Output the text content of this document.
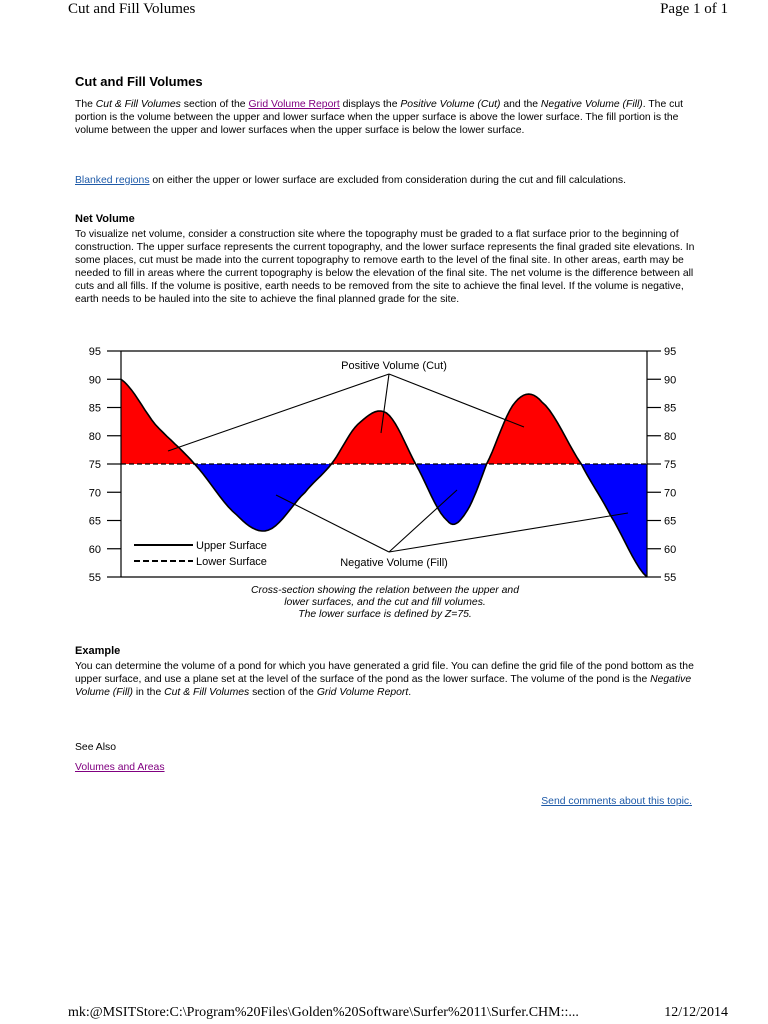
Cut and Fill Volumes	Page 1 of 1
Cut and Fill Volumes

The Cut & Fill Volumes section of the Grid Volume Report displays the Positive Volume (Cut) and the Negative Volume (Fill). The cut portion is the volume between the upper and lower surface when the upper surface is above the lower surface. The fill portion is the volume between the upper and lower surfaces when the upper surface is below the lower surface.

Blanked regions on either the upper or lower surface are excluded from consideration during the cut and fill calculations.

Net Volume

To visualize net volume, consider a construction site where the topography must be graded to a flat surface prior to the beginning of construction. The upper surface represents the current topography, and the lower surface represents the final graded site elevations. In some places, cut must be made into the current topography to remove earth to the level of the final site. In other areas, earth may be needed to fill in areas where the current topography is below the elevation of the final site. The net volume is the difference between all cuts and all fills. If the volume is positive, earth needs to be removed from the site to achieve the final level. If the volume is negative, earth needs to be hauled into the site to achieve the final planned grade for the site.

95	95
90	90
85	85
80	80
75	75
70	70
65	65
60	60
55	55
Positive Volume (Cut)
Negative Volume (Fill)
Upper Surface
Lower Surface
Cross-section showing the relation between the upper and
lower surfaces, and the cut and fill volumes.
The lower surface is defined by Z=75.
Example

You can determine the volume of a pond for which you have generated a grid file. You can define the grid file of the pond bottom as the upper surface, and use a plane set at the level of the surface of the pond as the lower surface. The volume of the pond is the Negative Volume (Fill) in the Cut & Fill Volumes section of the Grid Volume Report.

See Also
Volumes and Areas
Send comments about this topic.
mk:@MSITStore:C:\Program%20Files\Golden%20Software\Surfer%2011\Surfer.CHM::...	12/12/2014
